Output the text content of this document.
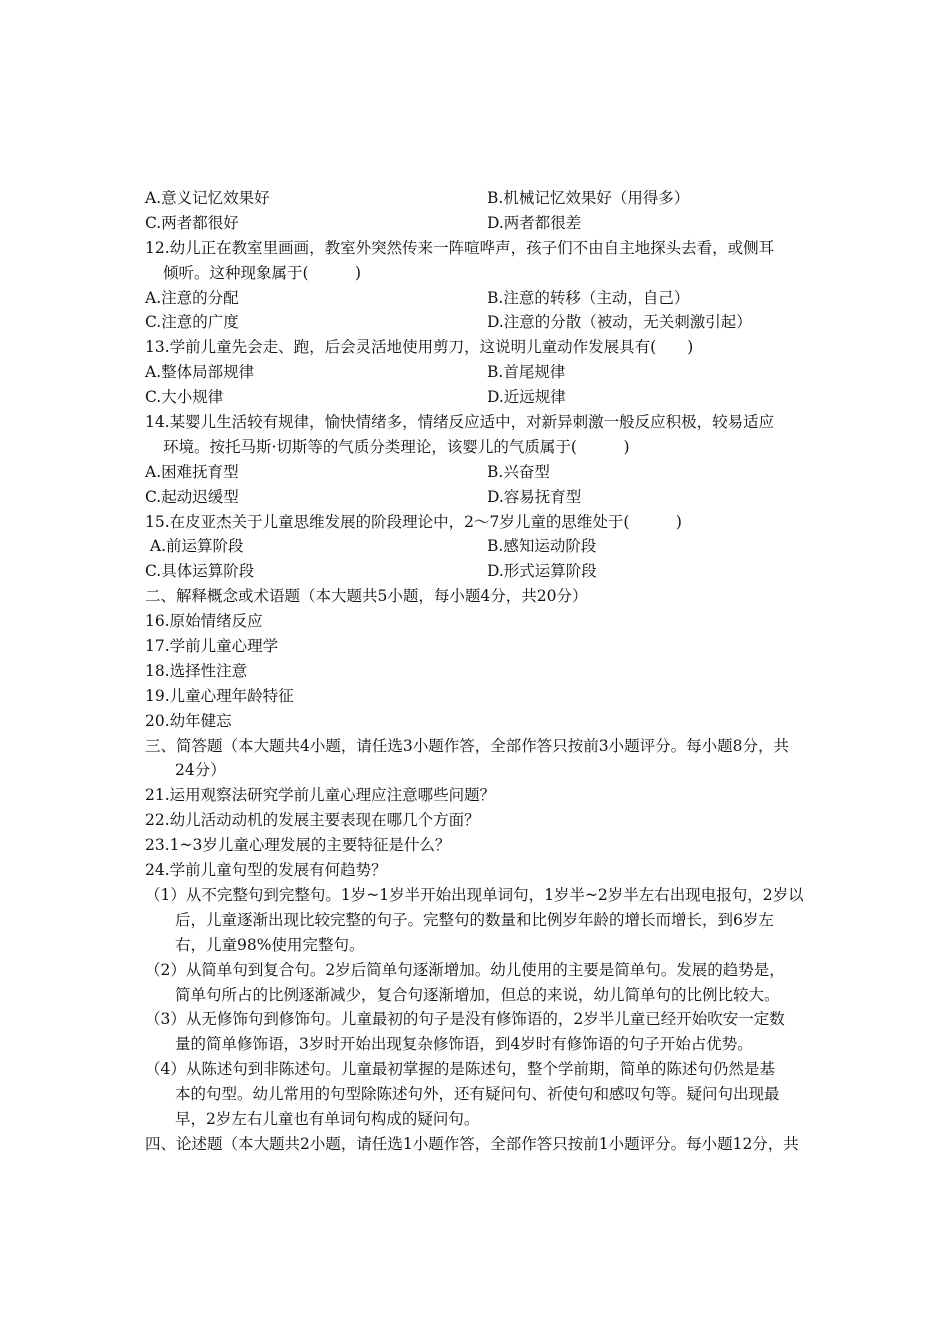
A.意义记忆效果好	B.机械记忆效果好（用得多）
C.两者都很好	D.两者都很差
12.幼儿正在教室里画画，教室外突然传来一阵喧哗声，孩子们不由自主地探头去看，或侧耳
倾听。这种现象属于(　　　)
A.注意的分配	B.注意的转移（主动，自己）
C.注意的广度	D.注意的分散（被动，无关刺激引起）
13.学前儿童先会走、跑，后会灵活地使用剪刀，这说明儿童动作发展具有(　　)
A.整体局部规律	B.首尾规律
C.大小规律	D.近远规律
14.某婴儿生活较有规律，愉快情绪多，情绪反应适中，对新异刺激一般反应积极，较易适应
环境。按托马斯·切斯等的气质分类理论，该婴儿的气质属于(　　　)
A.困难抚育型	B.兴奋型
C.起动迟缓型	D.容易抚育型
15.在皮亚杰关于儿童思维发展的阶段理论中，2～7岁儿童的思维处于(　　　)
A.前运算阶段	B.感知运动阶段
C.具体运算阶段	D.形式运算阶段
二、解释概念或术语题（本大题共5小题，每小题4分，共20分）
16.原始情绪反应
17.学前儿童心理学
18.选择性注意
19.儿童心理年龄特征
20.幼年健忘
三、简答题（本大题共4小题，请任选3小题作答，全部作答只按前3小题评分。每小题8分，共
24分）
21.运用观察法研究学前儿童心理应注意哪些问题？
22.幼儿活动动机的发展主要表现在哪几个方面？
23.1~3岁儿童心理发展的主要特征是什么？
24.学前儿童句型的发展有何趋势？
（1）从不完整句到完整句。1岁~1岁半开始出现单词句，1岁半~2岁半左右出现电报句，2岁以
后，儿童逐渐出现比较完整的句子。完整句的数量和比例岁年龄的增长而增长，到6岁左
右，儿童98%使用完整句。
（2）从简单句到复合句。2岁后简单句逐渐增加。幼儿使用的主要是简单句。发展的趋势是，
简单句所占的比例逐渐减少，复合句逐渐增加，但总的来说，幼儿简单句的比例比较大。
（3）从无修饰句到修饰句。儿童最初的句子是没有修饰语的，2岁半儿童已经开始吹安一定数
量的简单修饰语，3岁时开始出现复杂修饰语，到4岁时有修饰语的句子开始占优势。
（4）从陈述句到非陈述句。儿童最初掌握的是陈述句，整个学前期，简单的陈述句仍然是基
本的句型。幼儿常用的句型除陈述句外，还有疑问句、祈使句和感叹句等。疑问句出现最
早，2岁左右儿童也有单词句构成的疑问句。
四、论述题（本大题共2小题，请任选1小题作答，全部作答只按前1小题评分。每小题12分，共
